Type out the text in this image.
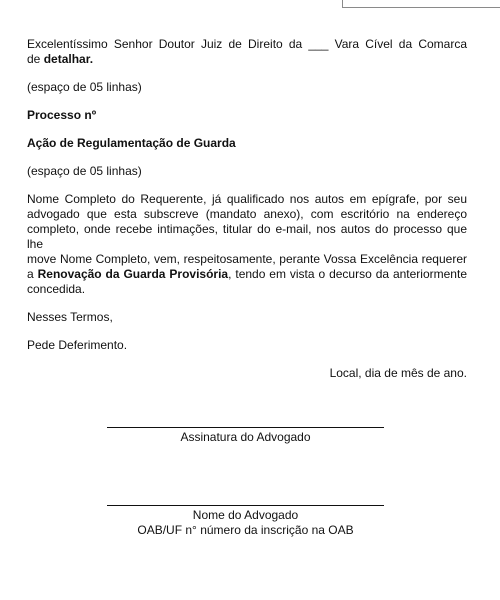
Excelentíssimo Senhor Doutor Juiz de Direito da ___ Vara Cível da Comarca
de detalhar.
(espaço de 05 linhas)
Processo nº
Ação de Regulamentação de Guarda
(espaço de 05 linhas)
Nome Completo do Requerente, já qualificado nos autos em epígrafe, por seu
advogado que esta subscreve (mandato anexo), com escritório na endereço
completo, onde recebe intimações, titular do e-mail, nos autos do processo que lhe
move Nome Completo, vem, respeitosamente, perante Vossa Excelência requerer
a Renovação da Guarda Provisória, tendo em vista o decurso da anteriormente
concedida.
Nesses Termos,
Pede Deferimento.
Local, dia de mês de ano.
Assinatura do Advogado
Nome do Advogado
OAB/UF n° número da inscrição na OAB
